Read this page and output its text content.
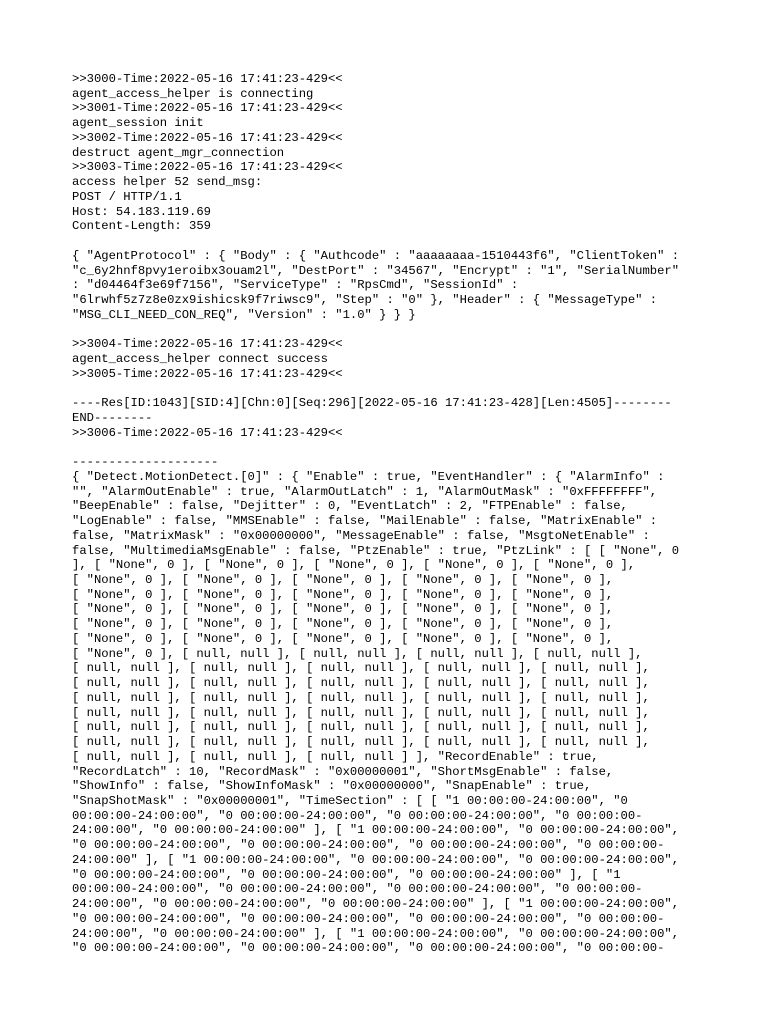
>>3000-Time:2022-05-16 17:41:23-429<<
agent_access_helper is connecting
>>3001-Time:2022-05-16 17:41:23-429<<
agent_session init
>>3002-Time:2022-05-16 17:41:23-429<<
destruct agent_mgr_connection
>>3003-Time:2022-05-16 17:41:23-429<<
access helper 52 send_msg:
POST / HTTP/1.1
Host: 54.183.119.69
Content-Length: 359

{ "AgentProtocol" : { "Body" : { "Authcode" : "aaaaaaaa-1510443f6", "ClientToken" :
"c_6y2hnf8pvy1eroibx3ouam2l", "DestPort" : "34567", "Encrypt" : "1", "SerialNumber"
: "d04464f3e69f7156", "ServiceType" : "RpsCmd", "SessionId" :
"6lrwhf5z7z8e0zx9ishicsk9f7riwsc9", "Step" : "0" }, "Header" : { "MessageType" :
"MSG_CLI_NEED_CON_REQ", "Version" : "1.0" } } }

>>3004-Time:2022-05-16 17:41:23-429<<
agent_access_helper connect success
>>3005-Time:2022-05-16 17:41:23-429<<

----Res[ID:1043][SID:4][Chn:0][Seq:296][2022-05-16 17:41:23-428][Len:4505]--------
END--------
>>3006-Time:2022-05-16 17:41:23-429<<

--------------------
{ "Detect.MotionDetect.[0]" : { "Enable" : true, "EventHandler" : { "AlarmInfo" :
"", "AlarmOutEnable" : true, "AlarmOutLatch" : 1, "AlarmOutMask" : "0xFFFFFFFF",
"BeepEnable" : false, "Dejitter" : 0, "EventLatch" : 2, "FTPEnable" : false,
"LogEnable" : false, "MMSEnable" : false, "MailEnable" : false, "MatrixEnable" :
false, "MatrixMask" : "0x00000000", "MessageEnable" : false, "MsgtoNetEnable" :
false, "MultimediaMsgEnable" : false, "PtzEnable" : true, "PtzLink" : [ [ "None", 0
], [ "None", 0 ], [ "None", 0 ], [ "None", 0 ], [ "None", 0 ], [ "None", 0 ],
[ "None", 0 ], [ "None", 0 ], [ "None", 0 ], [ "None", 0 ], [ "None", 0 ],
[ "None", 0 ], [ "None", 0 ], [ "None", 0 ], [ "None", 0 ], [ "None", 0 ],
[ "None", 0 ], [ "None", 0 ], [ "None", 0 ], [ "None", 0 ], [ "None", 0 ],
[ "None", 0 ], [ "None", 0 ], [ "None", 0 ], [ "None", 0 ], [ "None", 0 ],
[ "None", 0 ], [ "None", 0 ], [ "None", 0 ], [ "None", 0 ], [ "None", 0 ],
[ "None", 0 ], [ null, null ], [ null, null ], [ null, null ], [ null, null ],
[ null, null ], [ null, null ], [ null, null ], [ null, null ], [ null, null ],
[ null, null ], [ null, null ], [ null, null ], [ null, null ], [ null, null ],
[ null, null ], [ null, null ], [ null, null ], [ null, null ], [ null, null ],
[ null, null ], [ null, null ], [ null, null ], [ null, null ], [ null, null ],
[ null, null ], [ null, null ], [ null, null ], [ null, null ], [ null, null ],
[ null, null ], [ null, null ], [ null, null ], [ null, null ], [ null, null ],
[ null, null ], [ null, null ], [ null, null ] ], "RecordEnable" : true,
"RecordLatch" : 10, "RecordMask" : "0x00000001", "ShortMsgEnable" : false,
"ShowInfo" : false, "ShowInfoMask" : "0x00000000", "SnapEnable" : true,
"SnapShotMask" : "0x00000001", "TimeSection" : [ [ "1 00:00:00-24:00:00", "0
00:00:00-24:00:00", "0 00:00:00-24:00:00", "0 00:00:00-24:00:00", "0 00:00:00-
24:00:00", "0 00:00:00-24:00:00" ], [ "1 00:00:00-24:00:00", "0 00:00:00-24:00:00",
"0 00:00:00-24:00:00", "0 00:00:00-24:00:00", "0 00:00:00-24:00:00", "0 00:00:00-
24:00:00" ], [ "1 00:00:00-24:00:00", "0 00:00:00-24:00:00", "0 00:00:00-24:00:00",
"0 00:00:00-24:00:00", "0 00:00:00-24:00:00", "0 00:00:00-24:00:00" ], [ "1
00:00:00-24:00:00", "0 00:00:00-24:00:00", "0 00:00:00-24:00:00", "0 00:00:00-
24:00:00", "0 00:00:00-24:00:00", "0 00:00:00-24:00:00" ], [ "1 00:00:00-24:00:00",
"0 00:00:00-24:00:00", "0 00:00:00-24:00:00", "0 00:00:00-24:00:00", "0 00:00:00-
24:00:00", "0 00:00:00-24:00:00" ], [ "1 00:00:00-24:00:00", "0 00:00:00-24:00:00",
"0 00:00:00-24:00:00", "0 00:00:00-24:00:00", "0 00:00:00-24:00:00", "0 00:00:00-
